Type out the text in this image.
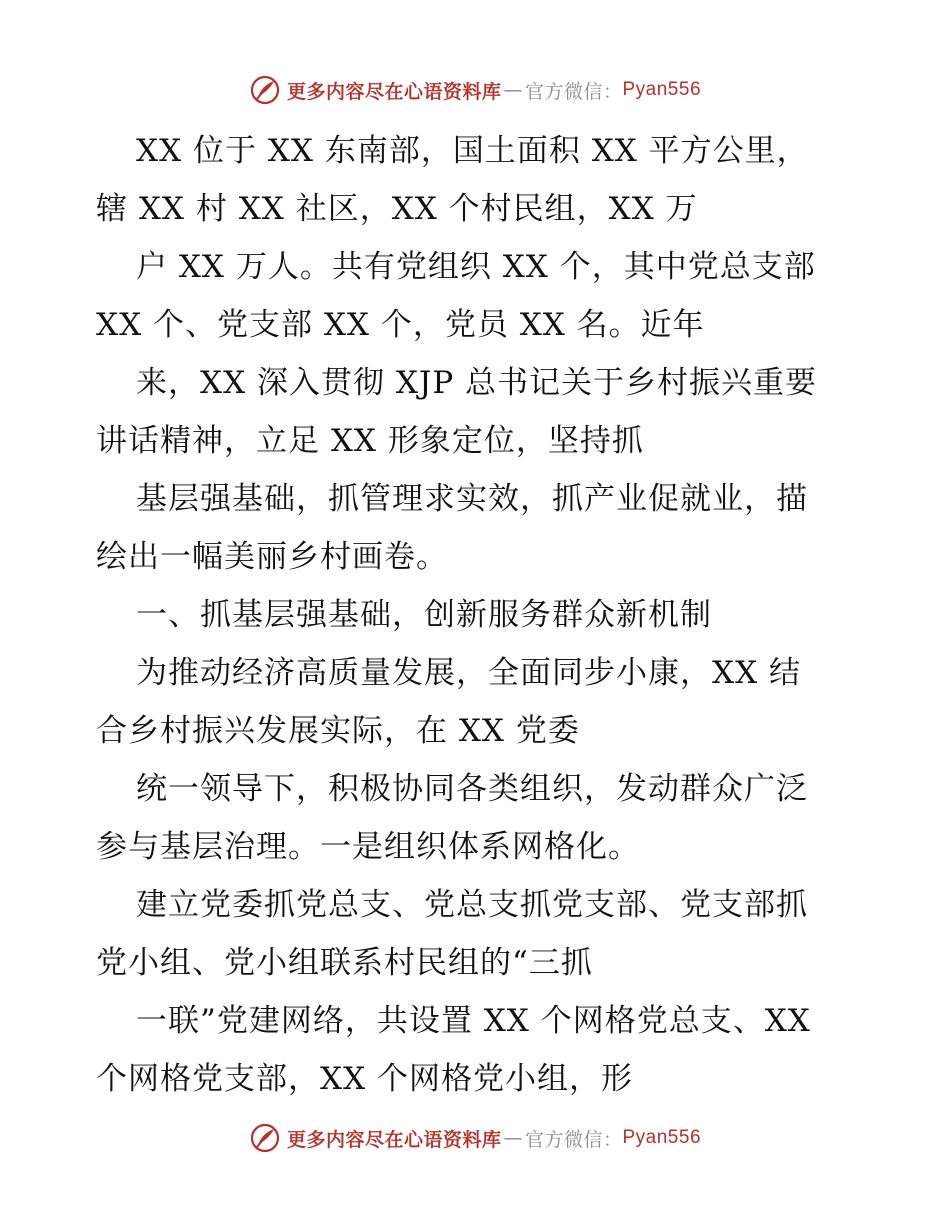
更多内容尽在心语资料库 — 官方微信： Pyan556
XX 位于 XX 东南部，国土面积 XX 平方公里，
辖 XX 村 XX 社区，XX 个村民组，XX 万
户 XX 万人。共有党组织 XX 个，其中党总支部
XX 个、党支部 XX 个，党员 XX 名。近年
来，XX 深入贯彻 XJP 总书记关于乡村振兴重要
讲话精神，立足 XX 形象定位，坚持抓
基层强基础，抓管理求实效，抓产业促就业，描
绘出一幅美丽乡村画卷。
一、抓基层强基础，创新服务群众新机制
为推动经济高质量发展，全面同步小康，XX 结
合乡村振兴发展实际，在 XX 党委
统一领导下，积极协同各类组织，发动群众广泛
参与基层治理。一是组织体系网格化。
建立党委抓党总支、党总支抓党支部、党支部抓
党小组、党小组联系村民组的“三抓
一联”党建网络，共设置 XX 个网格党总支、XX
个网格党支部，XX 个网格党小组，形
更多内容尽在心语资料库 — 官方微信： Pyan556
